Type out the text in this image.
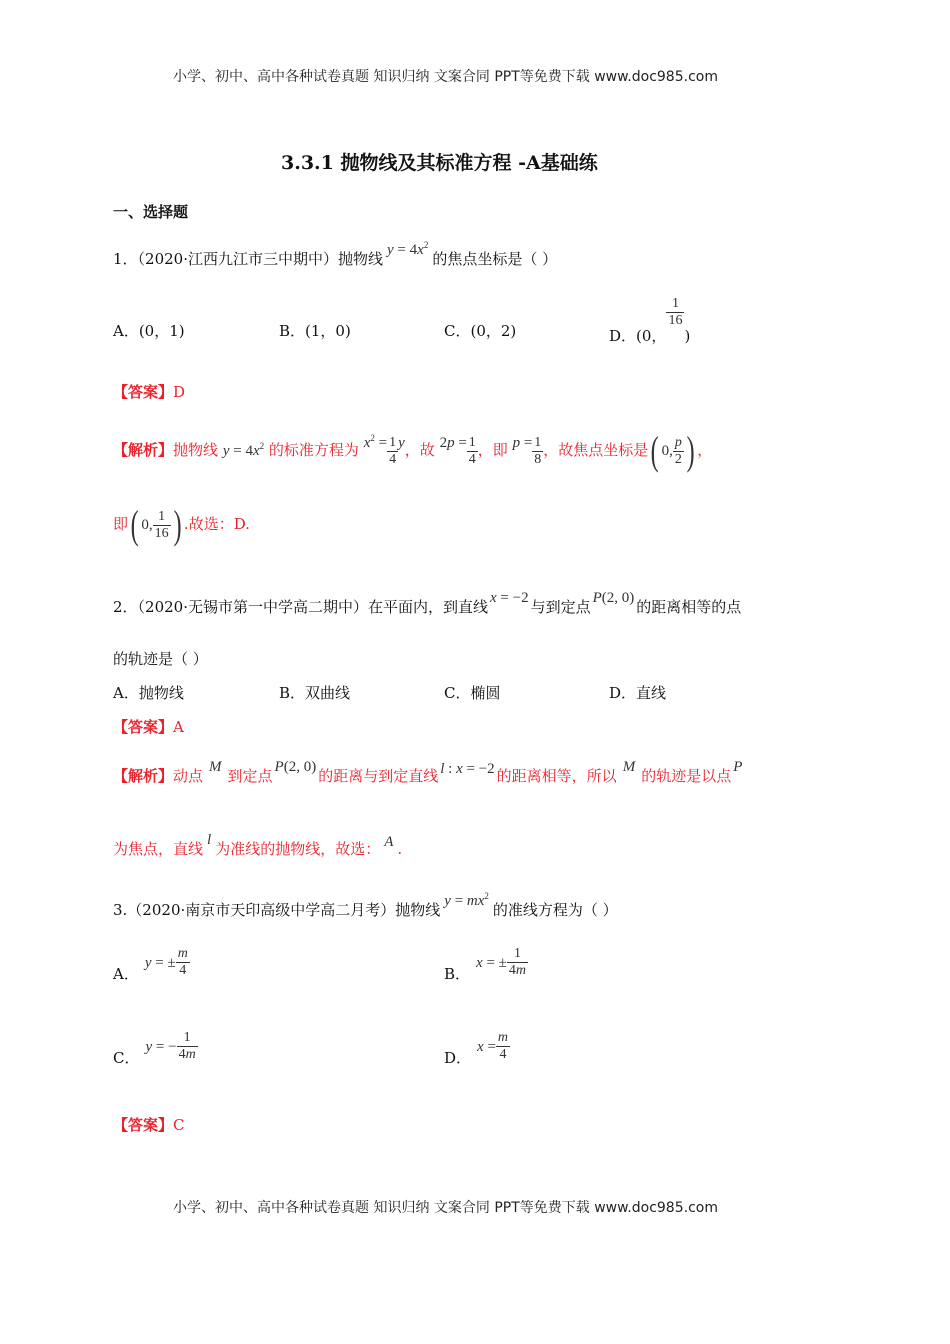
小学、初中、高中各种试卷真题 知识归纳 文案合同 PPT等免费下载 www.doc985.com
3.3.1 抛物线及其标准方程 -A基础练
一、选择题
1．（2020·江西九江市三中期中）抛物线 $y = 4x^2$的焦点坐标是（ ）
A．(0，1)	B．(1，0)	C．(0，2)	D．(0，
$\frac{1}{16}$
)
【答案】D
【解析】抛物线 $y = 4x^2$ 的标准方程为 $x^2 = \frac{1}{4}$ y，故 $2p = \frac{1}{4}$ ，即 $p = \frac{1}{8}$ ，故焦点坐标是( 0, $\frac{p}{2}$ ) ，
即( 0, $\frac{1}{16}$ ) .故选：D.
2．（2020·无锡市第一中学高二期中）在平面内，到直线 x = −2 与到定点 P(2, 0) 的距离相等的点
的轨迹是（ ）
A．抛物线	B．双曲线	C．椭圆	D．直线
【答案】A
【解析】动点 M 到定点 P(2, 0) 的距离与到定直线 l : x = −2 的距离相等，所以 M 的轨迹是以点 P
为焦点，直线 l 为准线的抛物线，故选： A .
3.（2020·南京市天印高级中学高二月考）抛物线 $y = mx^2$的准线方程为（ ）
A．y = ± $\frac{m}{4}$	B．x = ± $\frac{1}{4m}$
C．y = − $\frac{1}{4m}$	D．$x = \frac{m}{4}$
【答案】C
小学、初中、高中各种试卷真题 知识归纳 文案合同 PPT等免费下载 www.doc985.com
